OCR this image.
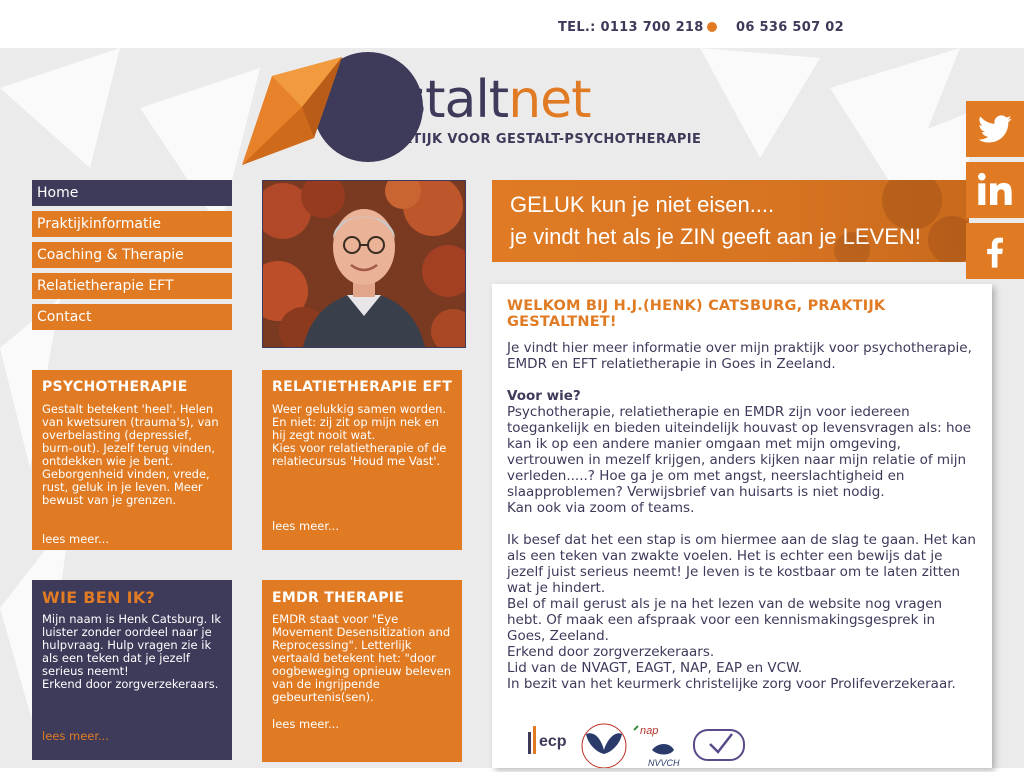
TEL.: 0113 700 218 06 536 507 02
gestaltnet
PRAKTIJK VOOR GESTALT-PSYCHOTHERAPIE
Home
Praktijkinformatie
Coaching & Therapie
Relatietherapie EFT
Contact
GELUK kun je niet eisen....
je vindt het als je ZIN geeft aan je LEVEN!
PSYCHOTHERAPIE
Gestalt betekent 'heel'. Helen van kwetsuren (trauma's), van overbelasting (depressief, burn-out). Jezelf terug vinden, ontdekken wie je bent. Geborgenheid vinden, vrede, rust, geluk in je leven. Meer bewust van je grenzen.
lees meer...
RELATIETHERAPIE EFT
Weer gelukkig samen worden. En niet: zij zit op mijn nek en hij zegt nooit wat.
Kies voor relatietherapie of de relatiecursus 'Houd me Vast'.
lees meer...
WIE BEN IK?
Mijn naam is Henk Catsburg. Ik luister zonder oordeel naar je hulpvraag. Hulp vragen zie ik als een teken dat je jezelf serieus neemt!
Erkend door zorgverzekeraars.
lees meer...
EMDR THERAPIE
EMDR staat voor "Eye Movement Desensitization and Reprocessing". Letterlijk vertaald betekent het: "door oogbeweging opnieuw beleven van de ingrijpende gebeurtenis(sen).
lees meer...
WELKOM BIJ H.J.(HENK) CATSBURG, PRAKTIJK GESTALTNET!

Je vindt hier meer informatie over mijn praktijk voor psychotherapie, EMDR en EFT relatietherapie in Goes in Zeeland.

Voor wie?

Psychotherapie, relatietherapie en EMDR zijn voor iedereen toegankelijk en bieden uiteindelijk houvast op levensvragen als: hoe kan ik op een andere manier omgaan met mijn omgeving, vertrouwen in mezelf krijgen, anders kijken naar mijn relatie of mijn verleden.....? Hoe ga je om met angst, neerslachtigheid en slaapproblemen? Verwijsbrief van huisarts is niet nodig.

Kan ook via zoom of teams.

Ik besef dat het een stap is om hiermee aan de slag te gaan. Het kan als een teken van zwakte voelen. Het is echter een bewijs dat je jezelf juist serieus neemt! Je leven is te kostbaar om te laten zitten wat je hindert.

Bel of mail gerust als je na het lezen van de website nog vragen hebt. Of maak een afspraak voor een kennismakingsgesprek in Goes, Zeeland.

Erkend door zorgverzekeraars.

Lid van de NVAGT, EAGT, NAP, EAP en VCW.

In bezit van het keurmerk christelijke zorg voor Prolifeverzekeraar.

ecp
nap
NVVCH
